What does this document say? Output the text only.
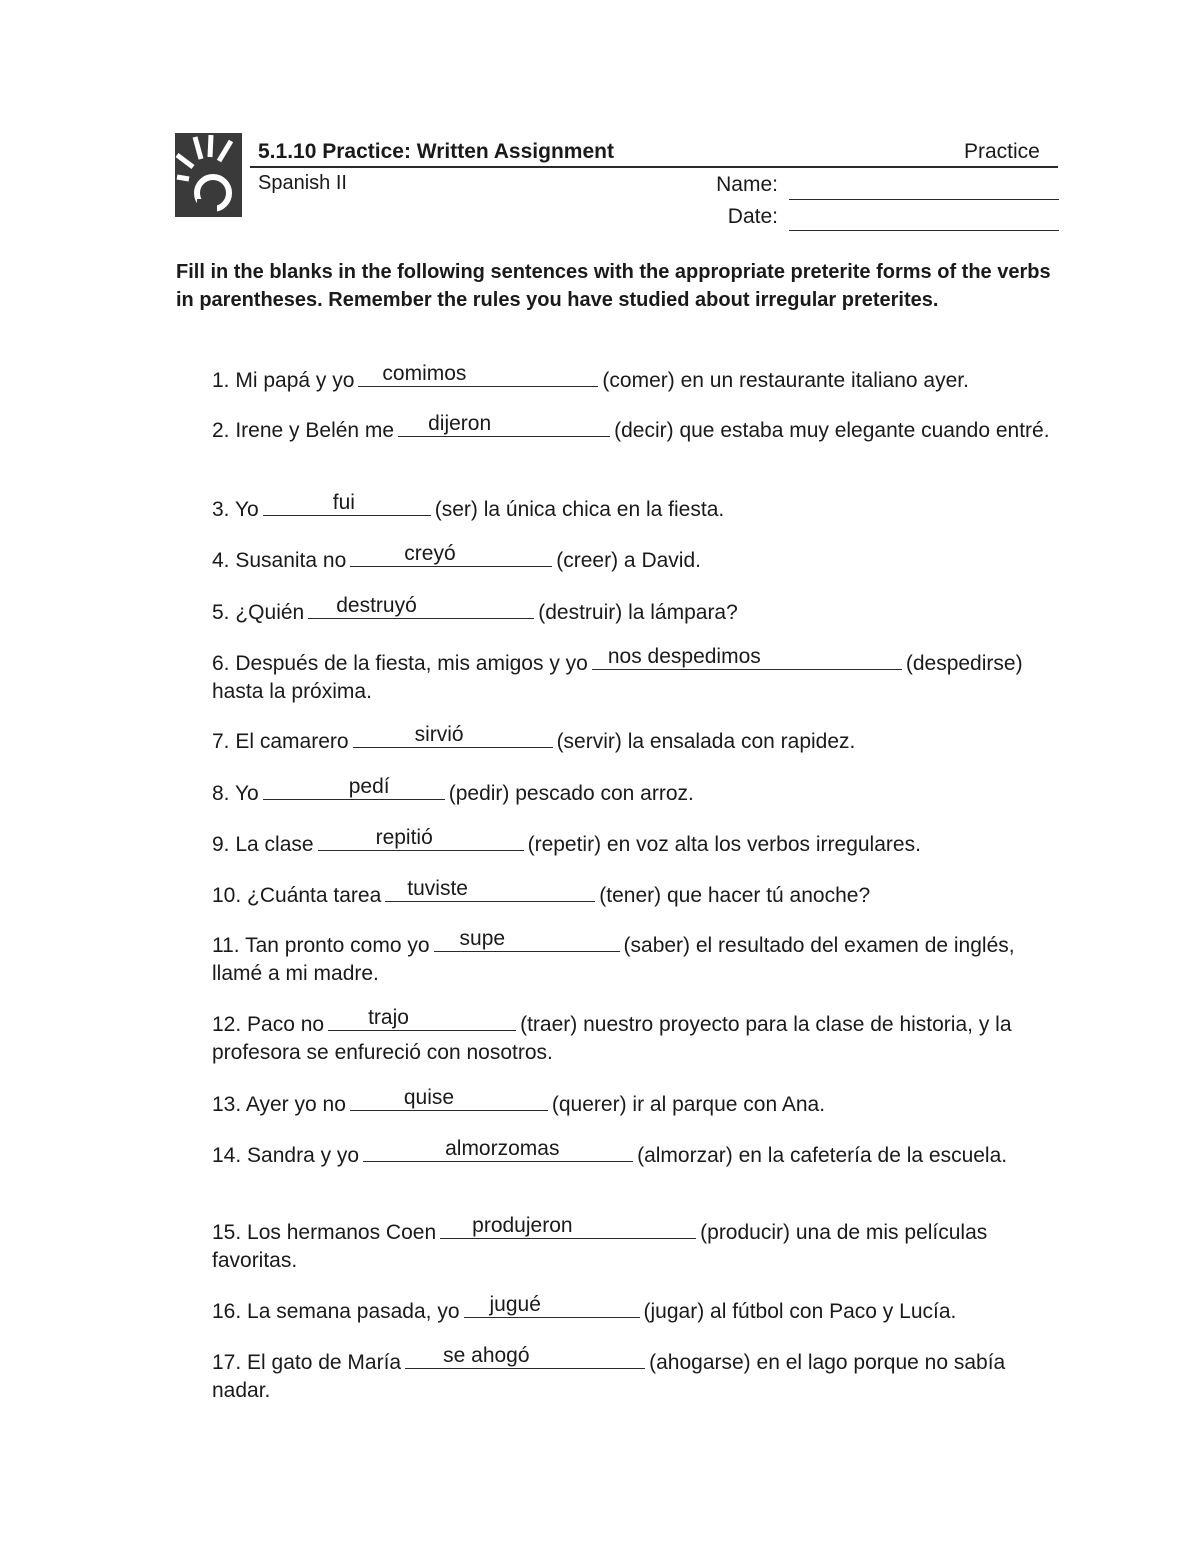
5.1.10 Practice: Written Assignment	Practice
Spanish II	Name:
Date:
Fill in the blanks in the following sentences with the appropriate preterite forms of the verbs in parentheses. Remember the rules you have studied about irregular preterites.
1. Mi papá y yo comimos	(comer) en un restaurante italiano ayer.
2. Irene y Belén me dijeron	(decir) que estaba muy elegante cuando entré.
3. Yo	fui	(ser) la única chica en la fiesta.
4. Susanita no	creyó	(creer) a David.
5. ¿Quién destruyó	(destruir) la lámpara?
6. Después de la fiesta, mis amigos y yo nos despedimos	(despedirse) hasta la próxima.
7. El camarero	sirvió	(servir) la ensalada con rapidez.
8. Yo	pedí	(pedir) pescado con arroz.
9. La clase	repitió	(repetir) en voz alta los verbos irregulares.
10. ¿Cuánta tarea tuviste	(tener) que hacer tú anoche?
11. Tan pronto como yo supe	(saber) el resultado del examen de inglés, llamé a mi madre.
12. Paco no trajo	(traer) nuestro proyecto para la clase de historia, y la profesora se enfureció con nosotros.
13. Ayer yo no	quise	(querer) ir al parque con Ana.
14. Sandra y yo	almorzomas	(almorzar) en la cafetería de la escuela.
15. Los hermanos Coen produjeron	(producir) una de mis películas favoritas.
16. La semana pasada, yo jugué	(jugar) al fútbol con Paco y Lucía.
17. El gato de María se ahogó	(ahogarse) en el lago porque no sabía nadar.
